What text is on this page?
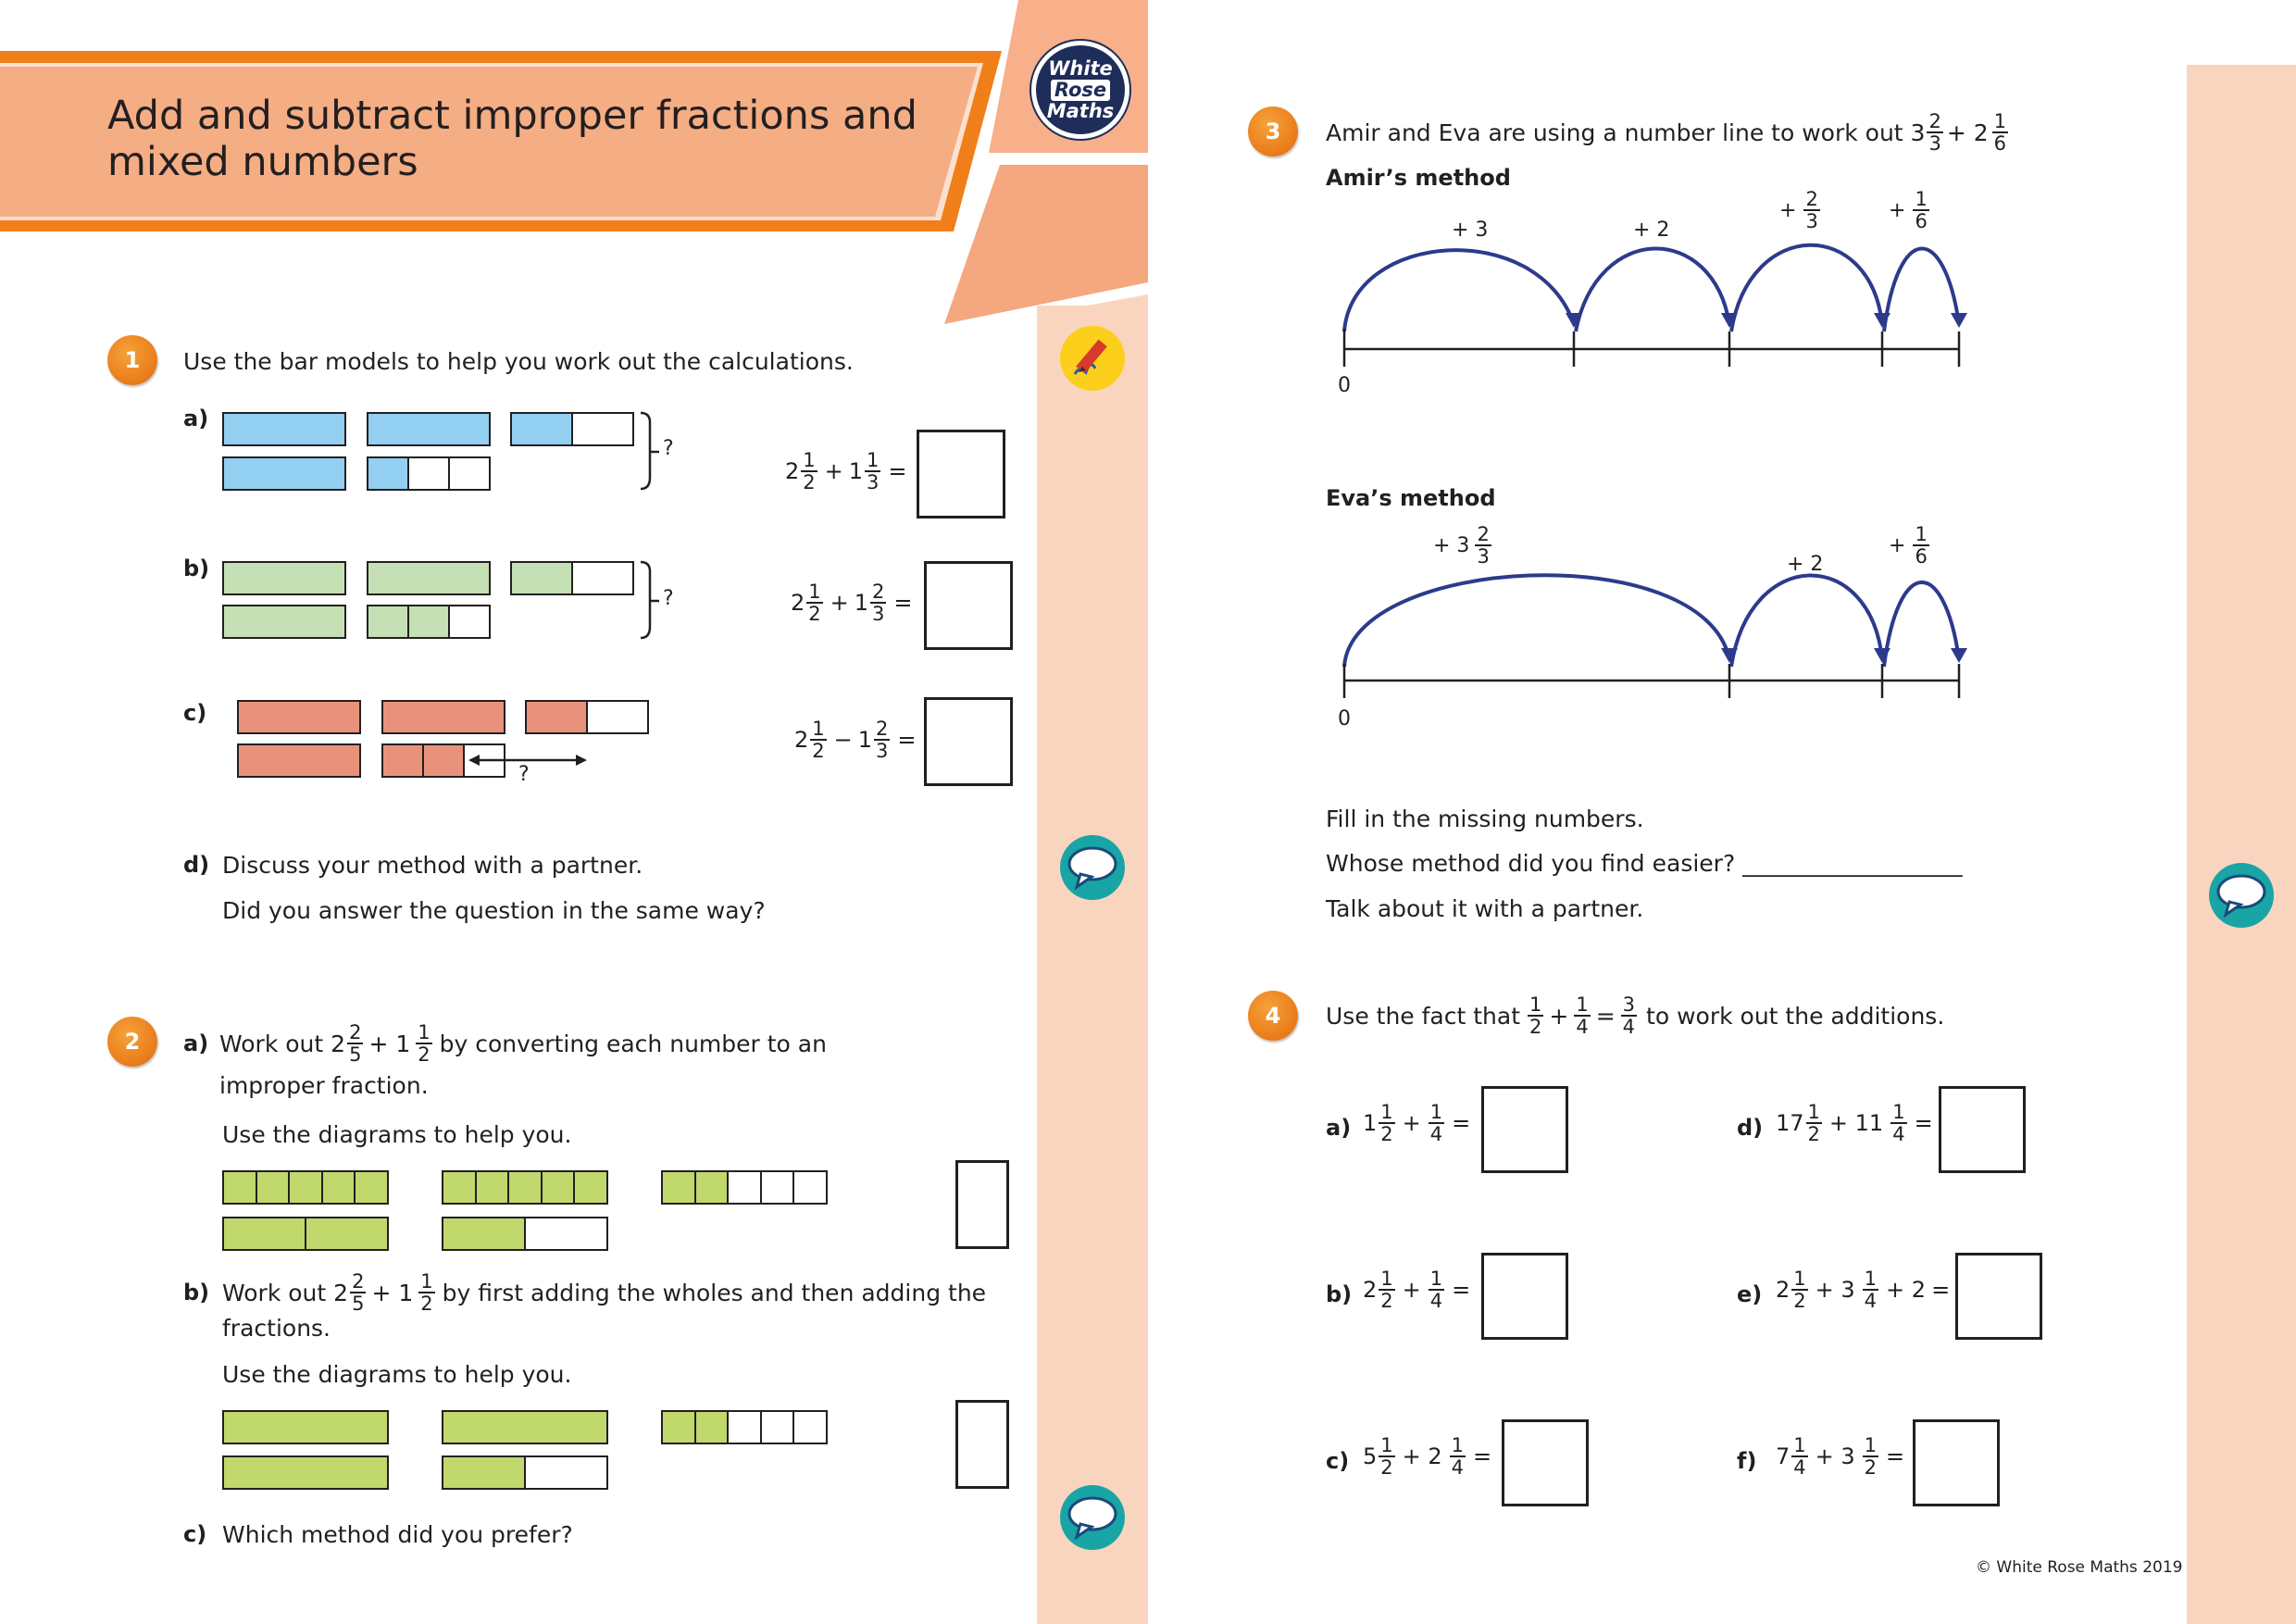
Add and subtract improper fractions and
mixed numbers
White
Rose
Maths
1	Use the bar models to help you work out the calculations.
a)
?
$2 \frac{1}{2} + 1 \frac{1}{3}$ =
b)
?	$2 \frac{1}{2} + 1 \frac{2}{3}$ =
c)
?
$2 \frac{1}{2} - 1 \frac{2}{3}$ =
d) Discuss your method with a partner.
Did you answer the question in the same way?
2	a) Work out $2 \frac{2}{5} + 1 \frac{1}{2}$ by converting each number to an
improper fraction.
Use the diagrams to help you.
b) Work out $2 \frac{2}{5} + 1 \frac{1}{2}$ by first adding the wholes and then adding the
fractions.
Use the diagrams to help you.
c) Which method did you prefer?
3	Amir and Eva are using a number line to work out $3 \frac{2}{3} + 2 \frac{1}{6}$
Amir’s method
+ 3	+ 2
+ $\frac{2}{3}$	+ $\frac{1}{6}$
0
Eva’s method
+ $3 \frac{2}{3}$	+ 2
+ $\frac{1}{6}$
0
Fill in the missing numbers.
Whose method did you find easier? ___________________
Talk about it with a partner.
4	Use the fact that $\frac{1}{2} + \frac{1}{4} = \frac{3}{4}$ to work out the additions.
a) $1 \frac{1}{2} + \frac{1}{4}$ =
b) $2 \frac{1}{2} + \frac{1}{4}$ =
c) $5 \frac{1}{2} + 2 \frac{1}{4}$ =
d) $17 \frac{1}{2} + 11 \frac{1}{4}$ =
e) $2 \frac{1}{2} + 3 \frac{1}{4} + 2$ =
f) $7 \frac{1}{4} + 3 \frac{1}{2}$ =
© White Rose Maths 2019
